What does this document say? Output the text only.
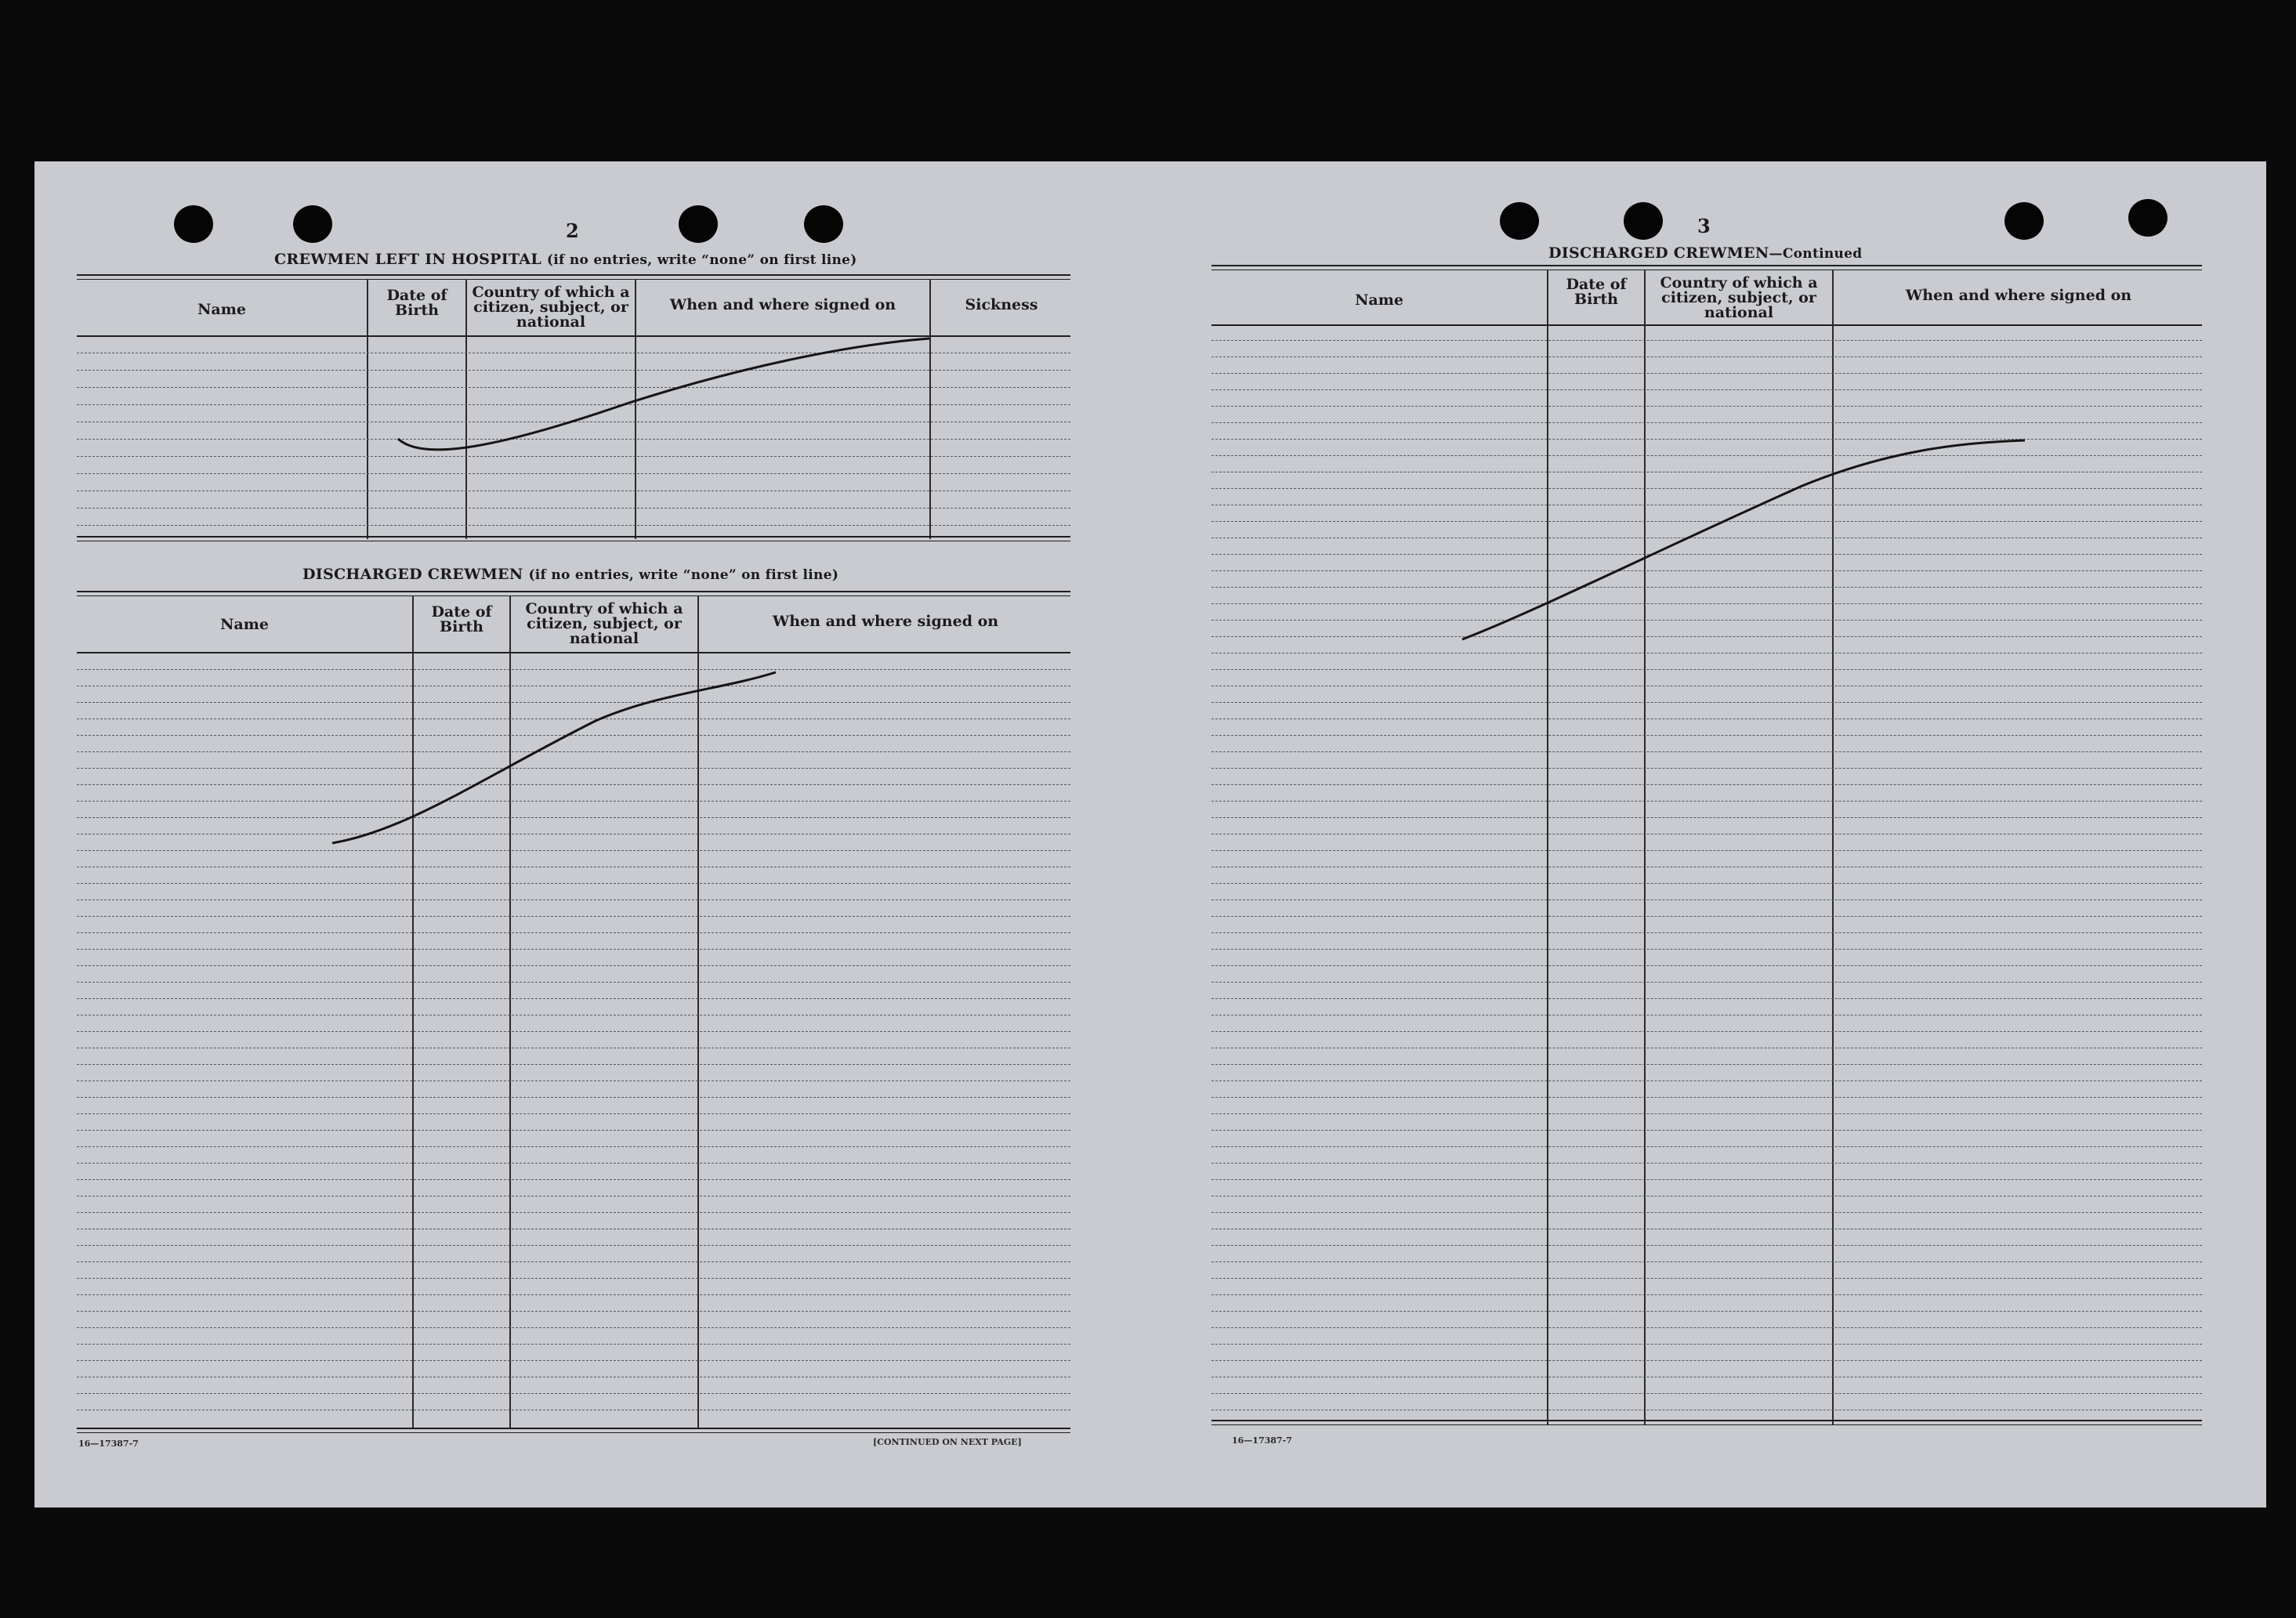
2
CREWMEN LEFT IN HOSPITAL (if no entries, write “none” on first line)
Name
Date of Birth
Country of which a citizen, subject, or national
When and where signed on	Sickness
DISCHARGED CREWMEN (if no entries, write “none” on first line)
Name
Date of Birth
Country of which a citizen, subject, or national
When and where signed on
16—17387-7	[CONTINUED ON NEXT PAGE]
3
DISCHARGED CREWMEN—Continued
Name
Date of Birth
Country of which a citizen, subject, or national
When and where signed on
16—17387-7
